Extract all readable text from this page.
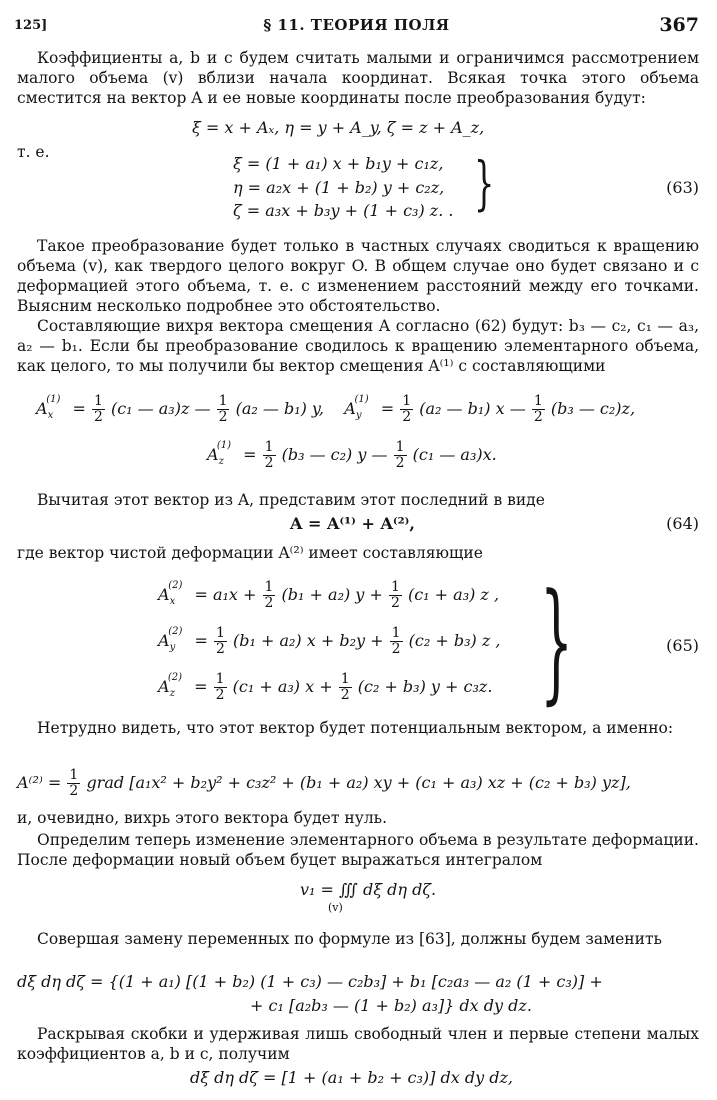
125]	§ 11. ТЕОРИЯ ПОЛЯ	367
Коэффициенты a, b и c будем считать малыми и ограничимся рассмотрением малого объема (v) вблизи начала координат. Всякая точка этого объема сместится на вектор A и ее новые координаты после преобразования будут:
ξ = x + Aₓ, η = y + A_y, ζ = z + A_z,
т. е.
ξ = (1 + a₁) x + b₁y + c₁z,
η = a₂x + (1 + b₂) y + c₂z,
ζ = a₃x + b₃y + (1 + c₃) z. . }	(63)
Такое преобразование будет только в частных случаях сводиться к вращению объема (v), как твердого целого вокруг O. В общем случае оно будет связано и с деформацией этого объема, т. е. с изменением расстояний между его точками. Выясним несколько подробнее это обстоятельство.
Составляющие вихря вектора смещения A согласно (62) будут: b₃ — c₂, c₁ — a₃, a₂ — b₁. Если бы преобразование сводилось к вращению элементарного объема, как целого, то мы получили бы вектор смещения A⁽¹⁾ с составляющими
$A_x^{(1)} = \frac{1}{2} (c_1$ — a₃)z — $\frac{1}{2} (a_2$ — b₁) y, $A_y^{(1)} = \frac{1}{2} (a_2$ — b₁) x — $\frac{1}{2} (b_3$ — c₂)z,
$A_z^{(1)} = \frac{1}{2} (b_3$ — c₂) y — $\frac{1}{2} (c_1$ — a₃)x.
Вычитая этот вектор из A, представим этот последний в виде
A = A⁽¹⁾ + A⁽²⁾,	(64)
где вектор чистой деформации A⁽²⁾ имеет составляющие
$A_x^{(2)} = a_1x + \frac{1}{2} (b_1 + a_2) y + \frac{1}{2} (c_1 + a_3)$ z ,
$A_y^{(2)} = \frac{1}{2} (b_1 + a_2) x + b_2y + \frac{1}{2} (c_2 + b_3)$ z ,
$A_z^{(2)} = \frac{1}{2} (c_1 + a_3) x + \frac{1}{2} (c_2 + b_3) y + c_3z$. }	(65)
Нетрудно видеть, что этот вектор будет потенциальным вектором, а именно:
$A^{(2)} = \frac{1}{2}$ grad [a₁x² + b₂y² + c₃z² + (b₁ + a₂) xy + (c₁ + a₃) xz + (c₂ + b₃) yz],
и, очевидно, вихрь этого вектора будет нуль.
Определим теперь изменение элементарного объема в результате деформации. После деформации новый объем буцет выражаться интегралом
v₁ = ∭ dξ dη dζ.
(v)
Совершая замену переменных по формуле из [63], должны будем заменить
dξ dη dζ = {(1 + a₁) [(1 + b₂) (1 + c₃) — c₂b₃] + b₁ [c₂a₃ — a₂ (1 + c₃)] +
+ c₁ [a₂b₃ — (1 + b₂) a₃]} dx dy dz.
Раскрывая скобки и удерживая лишь свободный член и первые степени малых коэффициентов a, b и c, получим
dξ dη dζ = [1 + (a₁ + b₂ + c₃)] dx dy dz,
